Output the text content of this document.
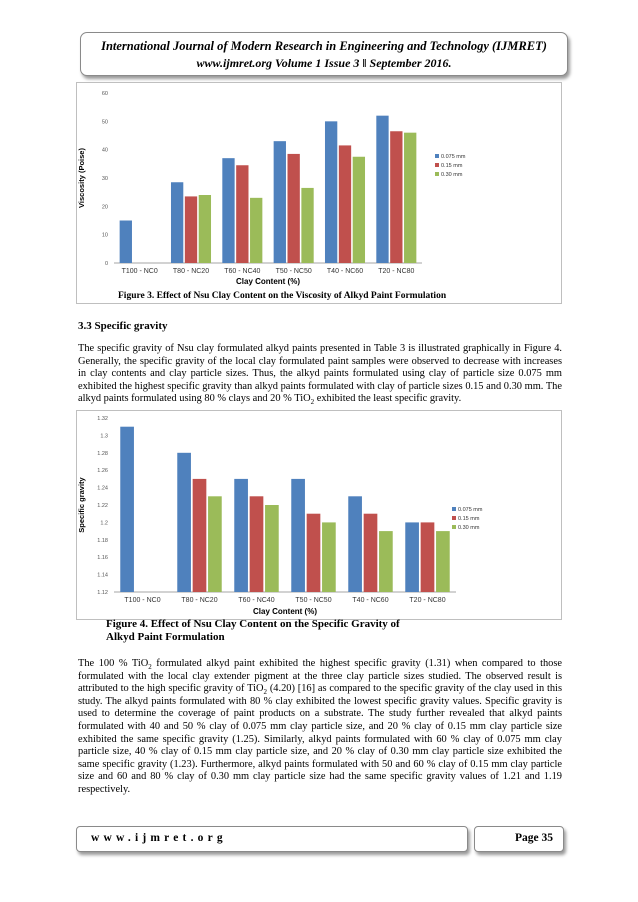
International Journal of Modern Research in Engineering and Technology (IJMRET)
www.ijmret.org Volume 1 Issue 3 ǁ September 2016.
0
10
20
30
40
50
60
T100 - NC0 T80 - NC20 T60 - NC40 T50 - NC50 T40 - NC60 T20 - NC80
Clay Content (%)
Viscosity (Poise)	0.075 mm
0.15 mm
0.30 mm
Figure 3. Effect of Nsu Clay Content on the Viscosity of Alkyd Paint Formulation
3.3 Specific gravity
The specific gravity of Nsu clay formulated alkyd paints presented in Table 3 is illustrated graphically in Figure 4. Generally, the specific gravity of the local clay formulated paint samples were observed to decrease with increases in clay contents and clay particle sizes. Thus, the alkyd paints formulated using clay of particle size 0.075 mm exhibited the highest specific gravity than alkyd paints formulated with clay of particle sizes 0.15 and 0.30 mm. The alkyd paints formulated using 80 % clays and 20 % TiO$_2$ exhibited the least specific gravity.
1.12
1.14
1.16
1.18
1.2
1.22
1.24
1.26
1.28
1.3
1.32
T100 - NC0	T80 - NC20	T60 - NC40	T50 - NC50	T40 - NC60	T20 - NC80
Clay Content (%)
Specific gravity	0.075 mm
0.15 mm
0.30 mm
Figure 4. Effect of Nsu Clay Content on the Specific Gravity of Alkyd Paint Formulation
The 100 % TiO$_2$ formulated alkyd paint exhibited the highest specific gravity (1.31) when compared to those formulated with the local clay extender pigment at the three clay particle sizes studied. The observed result is attributed to the high specific gravity of TiO$_2$ (4.20) [16] as compared to the specific gravity of the clay used in this study. The alkyd paints formulated with 80 % clay exhibited the lowest specific gravity values. Specific gravity is used to determine the coverage of paint products on a substrate. The study further revealed that alkyd paints formulated with 40 and 50 % clay of 0.075 mm clay particle size, and 20 % clay of 0.15 mm clay particle size exhibited the same specific gravity (1.25). Similarly, alkyd paints formulated with 60 % clay of 0.075 mm clay particle size, 40 % clay of 0.15 mm clay particle size, and 20 % clay of 0.30 mm clay particle size exhibited the same specific gravity (1.23). Furthermore, alkyd paints formulated with 50 and 60 % clay of 0.15 mm clay particle size and 60 and 80 % clay of 0.30 mm clay particle size had the same specific gravity values of 1.21 and 1.19 respectively.
www.ijmret.org	Page 35
